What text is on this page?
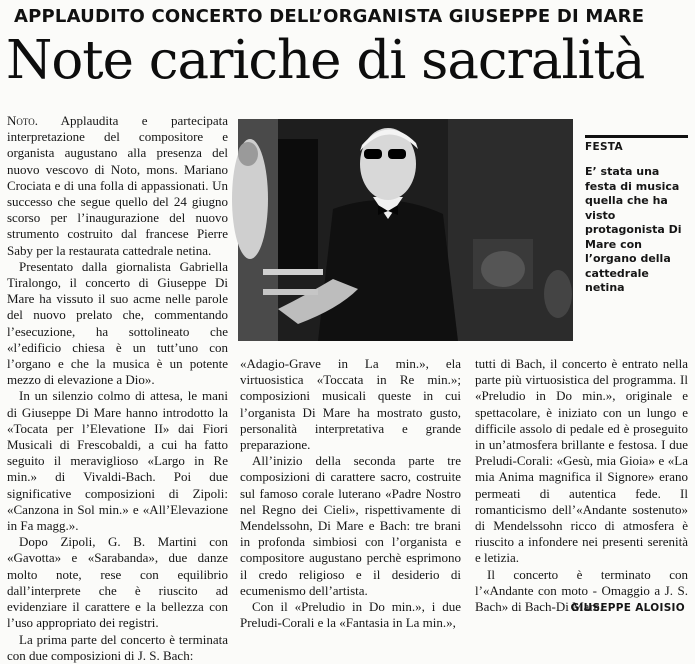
APPLAUDITO CONCERTO DELL’ORGANISTA GIUSEPPE DI MARE
Note cariche di sacralità

Noto. Applaudita e partecipata interpretazione del compositore e organista augustano alla presenza del nuovo vescovo di Noto, mons. Mariano Crociata e di una folla di appassionati. Un successo che segue quello del 24 giugno scorso per l’inaugurazione del nuovo strumento costruito dal francese Pierre Saby per la restaurata cattedrale netina.

Presentato dalla giornalista Gabriella Tiralongo, il concerto di Giuseppe Di Mare ha vissuto il suo acme nelle parole del nuovo prelato che, commentando l’esecuzione, ha sottolineato che «l’edificio chiesa è un tutt’uno con l’organo e che la musica è un potente mezzo di elevazione a Dio».

In un silenzio colmo di attesa, le mani di Giuseppe Di Mare hanno introdotto la «Tocata per l’Elevatione II» dai Fiori Musicali di Frescobaldi, a cui ha fatto seguito il meraviglioso «Largo in Re min.» di Vivaldi-Bach. Poi due significative composizioni di Zipoli: «Canzona in Sol min.» e «All’Elevazione in Fa magg.».

Dopo Zipoli, G. B. Martini con «Gavotta» e «Sarabanda», due danze molto note, rese con equilibrio dall’interprete che è riuscito ad evidenziare il carattere e la bellezza con l’uso appropriato dei registri.

La prima parte del concerto è terminata con due composizioni di J. S. Bach:

FESTA
E’ stata una festa di musica quella che ha visto protagonista Di Mare con l’organo della cattedrale netina

«Adagio-Grave in La min.», ela virtuosistica «Toccata in Re min.»; composizioni musicali queste in cui l’organista Di Mare ha mostrato gusto, personalità interpretativa e grande preparazione.

All’inizio della seconda parte tre composizioni di carattere sacro, costruite sul famoso corale luterano «Padre Nostro nel Regno dei Cieli», rispettivamente di Mendelssohn, Di Mare e Bach: tre brani in profonda simbiosi con l’organista e compositore augustano perchè esprimono il credo religioso e il desiderio di ecumenismo dell’artista.

Con il «Preludio in Do min.», i due Preludi-Corali e la «Fantasia in La min.»,

tutti di Bach, il concerto è entrato nella parte più virtuosistica del programma. Il «Preludio in Do min.», originale e spettacolare, è iniziato con un lungo e difficile assolo di pedale ed è proseguito in un’atmosfera brillante e festosa. I due Preludi-Corali: «Gesù, mia Gioia» e «La mia Anima magnifica il Signore» erano permeati di autentica fede. Il romanticismo dell’«Andante sostenuto» di Mendelssohn ricco di atmosfera è riuscito a infondere nei presenti serenità e letizia.

Il concerto è terminato con l’«Andante con moto - Omaggio a J. S. Bach» di Bach-Di Mare.

GIUSEPPE ALOISIO
